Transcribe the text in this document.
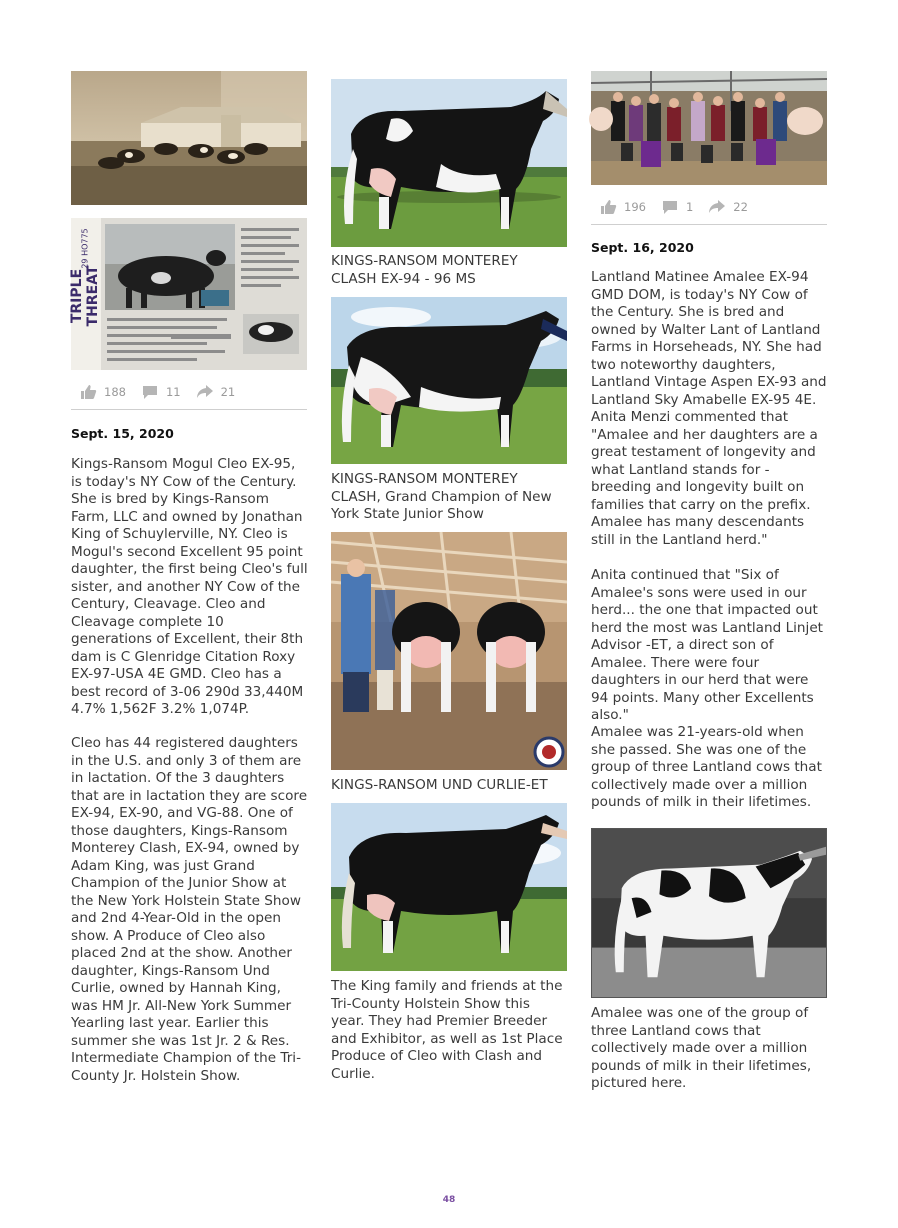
TRIPLE THREAT
29 HO775
188	11	21
Sept. 15, 2020
Kings-Ransom Mogul Cleo EX-95, is today's NY Cow of the Century. She is bred by Kings-Ransom Farm, LLC and owned by Jonathan King of Schuylerville, NY. Cleo is Mogul's second Excellent 95 point daughter, the first being Cleo's full sister, and another NY Cow of the Century, Cleavage. Cleo and Cleavage complete 10 generations of Excellent, their 8th dam is C Glenridge Citation Roxy EX-97-USA 4E GMD. Cleo has a best record of 3-06 290d 33,440M 4.7% 1,562F 3.2% 1,074P.
Cleo has 44 registered daughters in the U.S. and only 3 of them are in lactation. Of the 3 daughters that are in lactation they are score EX-94, EX-90, and VG-88. One of those daughters, Kings-Ransom Monterey Clash, EX-94, owned by Adam King, was just Grand Champion of the Junior Show at the New York Holstein State Show and 2nd 4-Year-Old in the open show. A Produce of Cleo also placed 2nd at the show. Another daughter, Kings-Ransom Und Curlie, owned by Hannah King, was HM Jr. All-New York Summer Yearling last year. Earlier this summer she was 1st Jr. 2 & Res. Intermediate Champion of the Tri-County Jr. Holstein Show.
KINGS-RANSOM MONTEREY CLASH EX-94 - 96 MS
KINGS-RANSOM MONTEREY CLASH, Grand Champion of New York State Junior Show
KINGS-RANSOM UND CURLIE-ET
The King family and friends at the Tri-County Holstein Show this year. They had Premier Breeder and Exhibitor, as well as 1st Place Produce of Cleo with Clash and Curlie.
196	1	22
Sept. 16, 2020
Lantland Matinee Amalee EX-94 GMD DOM, is today's NY Cow of the Century. She is bred and owned by Walter Lant of Lantland Farms in Horseheads, NY. She had two noteworthy daughters, Lantland Vintage Aspen EX-93 and Lantland Sky Amabelle EX-95 4E. Anita Menzi commented that "Amalee and her daughters are a great testament of longevity and what Lantland stands for - breeding and longevity built on families that carry on the prefix. Amalee has many descendants still in the Lantland herd."
Anita continued that "Six of Amalee's sons were used in our herd... the one that impacted out herd the most was Lantland Linjet Advisor -ET, a direct son of Amalee. There were four daughters in our herd that were 94 points. Many other Excellents also."
Amalee was 21-years-old when she passed. She was one of the group of three Lantland cows that collectively made over a million pounds of milk in their lifetimes.
Amalee was one of the group of three Lantland cows that collectively made over a million pounds of milk in their lifetimes, pictured here.
48
